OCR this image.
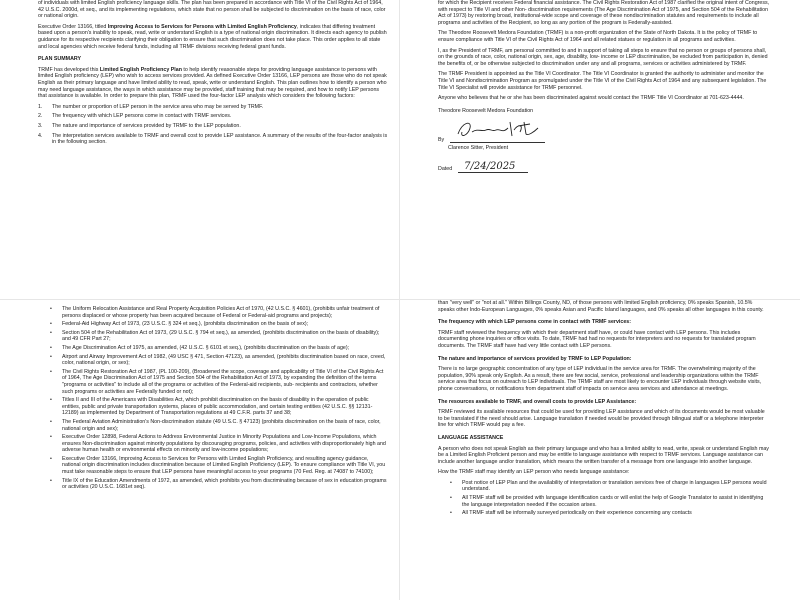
of individuals with limited English proficiency language skills. The plan has been prepared in accordance with Title VI of the Civil Rights Act of 1964, 42 U.S.C. 2000d, et seq., and its implementing regulations, which state that no person shall be subjected to discrimination on the basis of race, color or national origin.

Executive Order 13166, titled Improving Access to Services for Persons with Limited English Proficiency, indicates that differing treatment based upon a person's inability to speak, read, write or understand English is a type of national origin discrimination. It directs each agency to publish guidance for its respective recipients clarifying their obligation to ensure that such discrimination does not take place. This order applies to all state and local agencies which receive federal funds, including all TRMF divisions receiving federal grant funds.

PLAN SUMMARY

TRMF has developed this Limited English Proficiency Plan to help identify reasonable steps for providing language assistance to persons with limited English proficiency (LEP) who wish to access services provided. As defined Executive Order 13166, LEP persons are those who do not speak English as their primary language and have limited ability to read, speak, write or understand English. This plan outlines how to identify a person who may need language assistance, the ways in which assistance may be provided, staff training that may be required, and how to notify LEP persons that assistance is available. In order to prepare this plan, TRMF used the four-factor LEP analysis which considers the following factors:

1.	The number or proportion of LEP person in the service area who may be served by TRMF.
2.	The frequency with which LEP persons come in contact with TRMF services.
3.	The nature and importance of services provided by TRMF to the LEP population.
4.	The interpretation services available to TRMF and overall cost to provide LEP assistance. A summary of the results of the four-factor analysis is in the following section.

for which the Recipient receives Federal financial assistance. The Civil Rights Restoration Act of 1987 clarified the original intent of Congress, with respect to Title VI and other Non- discrimination requirements (The Age Discrimination Act of 1975, and Section 504 of the Rehabilitation Act of 1973) by restoring broad, institutional-wide scope and coverage of these nondiscrimination statutes and requirements to include all programs and activities of the Recipient, so long as any portion of the program is Federally-assisted.

The Theodore Roosevelt Medora Foundation (TRMF) is a non-profit organization of the State of North Dakota. It is the policy of TRMF to ensure compliance with Title VI of the Civil Rights Act of 1964 and all related statues or regulation in all programs and activities.

I, as the President of TRMF, am personal committed to and in support of taking all steps to ensure that no person or groups of persons shall, on the grounds of race, color, national origin, sex, age, disability, low- income or LEP discrimination, be excluded from participation in, denied the benefits of, or be otherwise subjected to discrimination under any and all programs, services or activities administered by TRMF.

The TRMF President is appointed as the Title VI Coordinator. The Title VI Coordinator is granted the authority to administer and monitor the Title VI and Nondiscrimination Program as promulgated under the Title VI of the Civil Rights Act of 1964 and any subsequent legislation. The Title VI Specialist will provide assistance for TRMF personnel.

Anyone who believes that he or she has been discriminated against would contact the TRMF Title VI Coordinator at 701-623-4444.

Theodore Roosevelt Medora Foundation
By
Clarence Sitter, President
Dated 7/24/2025
•	The Uniform Relocation Assistance and Real Property Acquisition Policies Act of 1970, (42 U.S.C. § 4601), (prohibits unfair treatment of persons displaced or whose property has been acquired because of Federal or Federal-aid programs and projects);
•	Federal-Aid Highway Act of 1973, (23 U.S.C. § 324 et seq.), (prohibits discrimination on the basis of sex);
•	Section 504 of the Rehabilitation Act of 1973, (29 U.S.C. § 794 et seq.), as amended, (prohibits discrimination on the basis of disability); and 49 CFR Part 27;
•	The Age Discrimination Act of 1975, as amended, (42 U.S.C. § 6101 et seq.), (prohibits discrimination on the basis of age);
•	Airport and Airway Improvement Act of 1982, (49 USC § 471, Section 47123), as amended, (prohibits discrimination based on race, creed, color, national origin, or sex);
•	The Civil Rights Restoration Act of 1987, (PL 100-209), (Broadened the scope, coverage and applicability of Title VI of the Civil Rights Act of 1964, The Age Discrimination Act of 1975 and Section 504 of the Rehabilitation Act of 1973, by expanding the definition of the terms "programs or activities" to include all of the programs or activities of the Federal-aid recipients, sub- recipients and contractors, whether such programs or activities are Federally funded or not);
•	Titles II and III of the Americans with Disabilities Act, which prohibit discrimination on the basis of disability in the operation of public entities, public and private transportation systems, places of public accommodation, and certain testing entities (42 U.S.C. §§ 12131-12189) as implemented by Department of Transportation regulations at 49 C.F.R. parts 37 and 38;
•	The Federal Aviation Administration's Non-discrimination statute (49 U.S.C. § 47123) (prohibits discrimination on the basis of race, color, national origin and sex);
•	Executive Order 12898, Federal Actions to Address Environmental Justice in Minority Populations and Low-Income Populations, which ensures Non-discrimination against minority populations by discouraging programs, policies, and activities with disproportionately high and adverse human health or environmental effects on minority and low-income populations;
•	Executive Order 13166, Improving Access to Services for Persons with Limited English Proficiency, and resulting agency guidance, national origin discrimination includes discrimination because of Limited English Proficiency (LEP). To ensure compliance with Title VI, you must take reasonable steps to ensure that LEP persons have meaningful access to your programs (70 Fed. Reg. at 74087 to 74100);
•	Title IX of the Education Amendments of 1972, as amended, which prohibits you from discriminating because of sex in education programs or activities (20 U.S.C. 1681et seq).

than "very well" or "not at all." Within Billings County, ND, of those persons with limited English proficiency, 0% speaks Spanish, 10.5% speaks other Indo-European Languages, 0% speaks Asian and Pacific Island languages, and 0% speaks all other languages in this county.

The frequency with which LEP persons come in contact with TRMF services:

TRMF staff reviewed the frequency with which their department staff have, or could have contact with LEP persons. This includes documenting phone inquiries or office visits. To date, TRMF had had no requests for interpreters and no requests for translated program documents. The TRMF staff have had very little contact with LEP persons.

The nature and importance of services provided by TRMF to LEP Population:

There is no large geographic concentration of any type of LEP individual in the service area for TRMF. The overwhelming majority of the population, 90% speak only English. As a result, there are few social, service, professional and leadership organizations within the TRMF service area that focus on outreach to LEP individuals. The TRMF staff are most likely to encounter LEP individuals through website visits, phone conversations, or notifications from department staff of impacts on service area services and attendance at meetings.

The resources available to TRMF, and overall costs to provide LEP Assistance:

TRMF reviewed its available resources that could be used for providing LEP assistance and which of its documents would be most valuable to be translated if the need should arise. Language translation if needed would be provided through bilingual staff or a telephone interpreter line for which TRMF would pay a fee.

LANGUAGE ASSISTANCE

A person who does not speak English as their primary language and who has a limited ability to read, write, speak or understand English may be a Limited English Proficient person and may be entitle to language assistance with respect to TRMF services. Language assistance can include another language and/or translation, which means the written transfer of a message from one language into another language.

How the TRMF staff may identify an LEP person who needs language assistance:

•	Post notice of LEP Plan and the availability of interpretation or translation services free of charge in languages LEP persons would understand.
•	All TRMF staff will be provided with language identification cards or will enlist the help of Google Translator to assist in identifying the language interpretation needed if the occasion arises.
•	All TRMF staff will be informally surveyed periodically on their experience concerning any contacts
